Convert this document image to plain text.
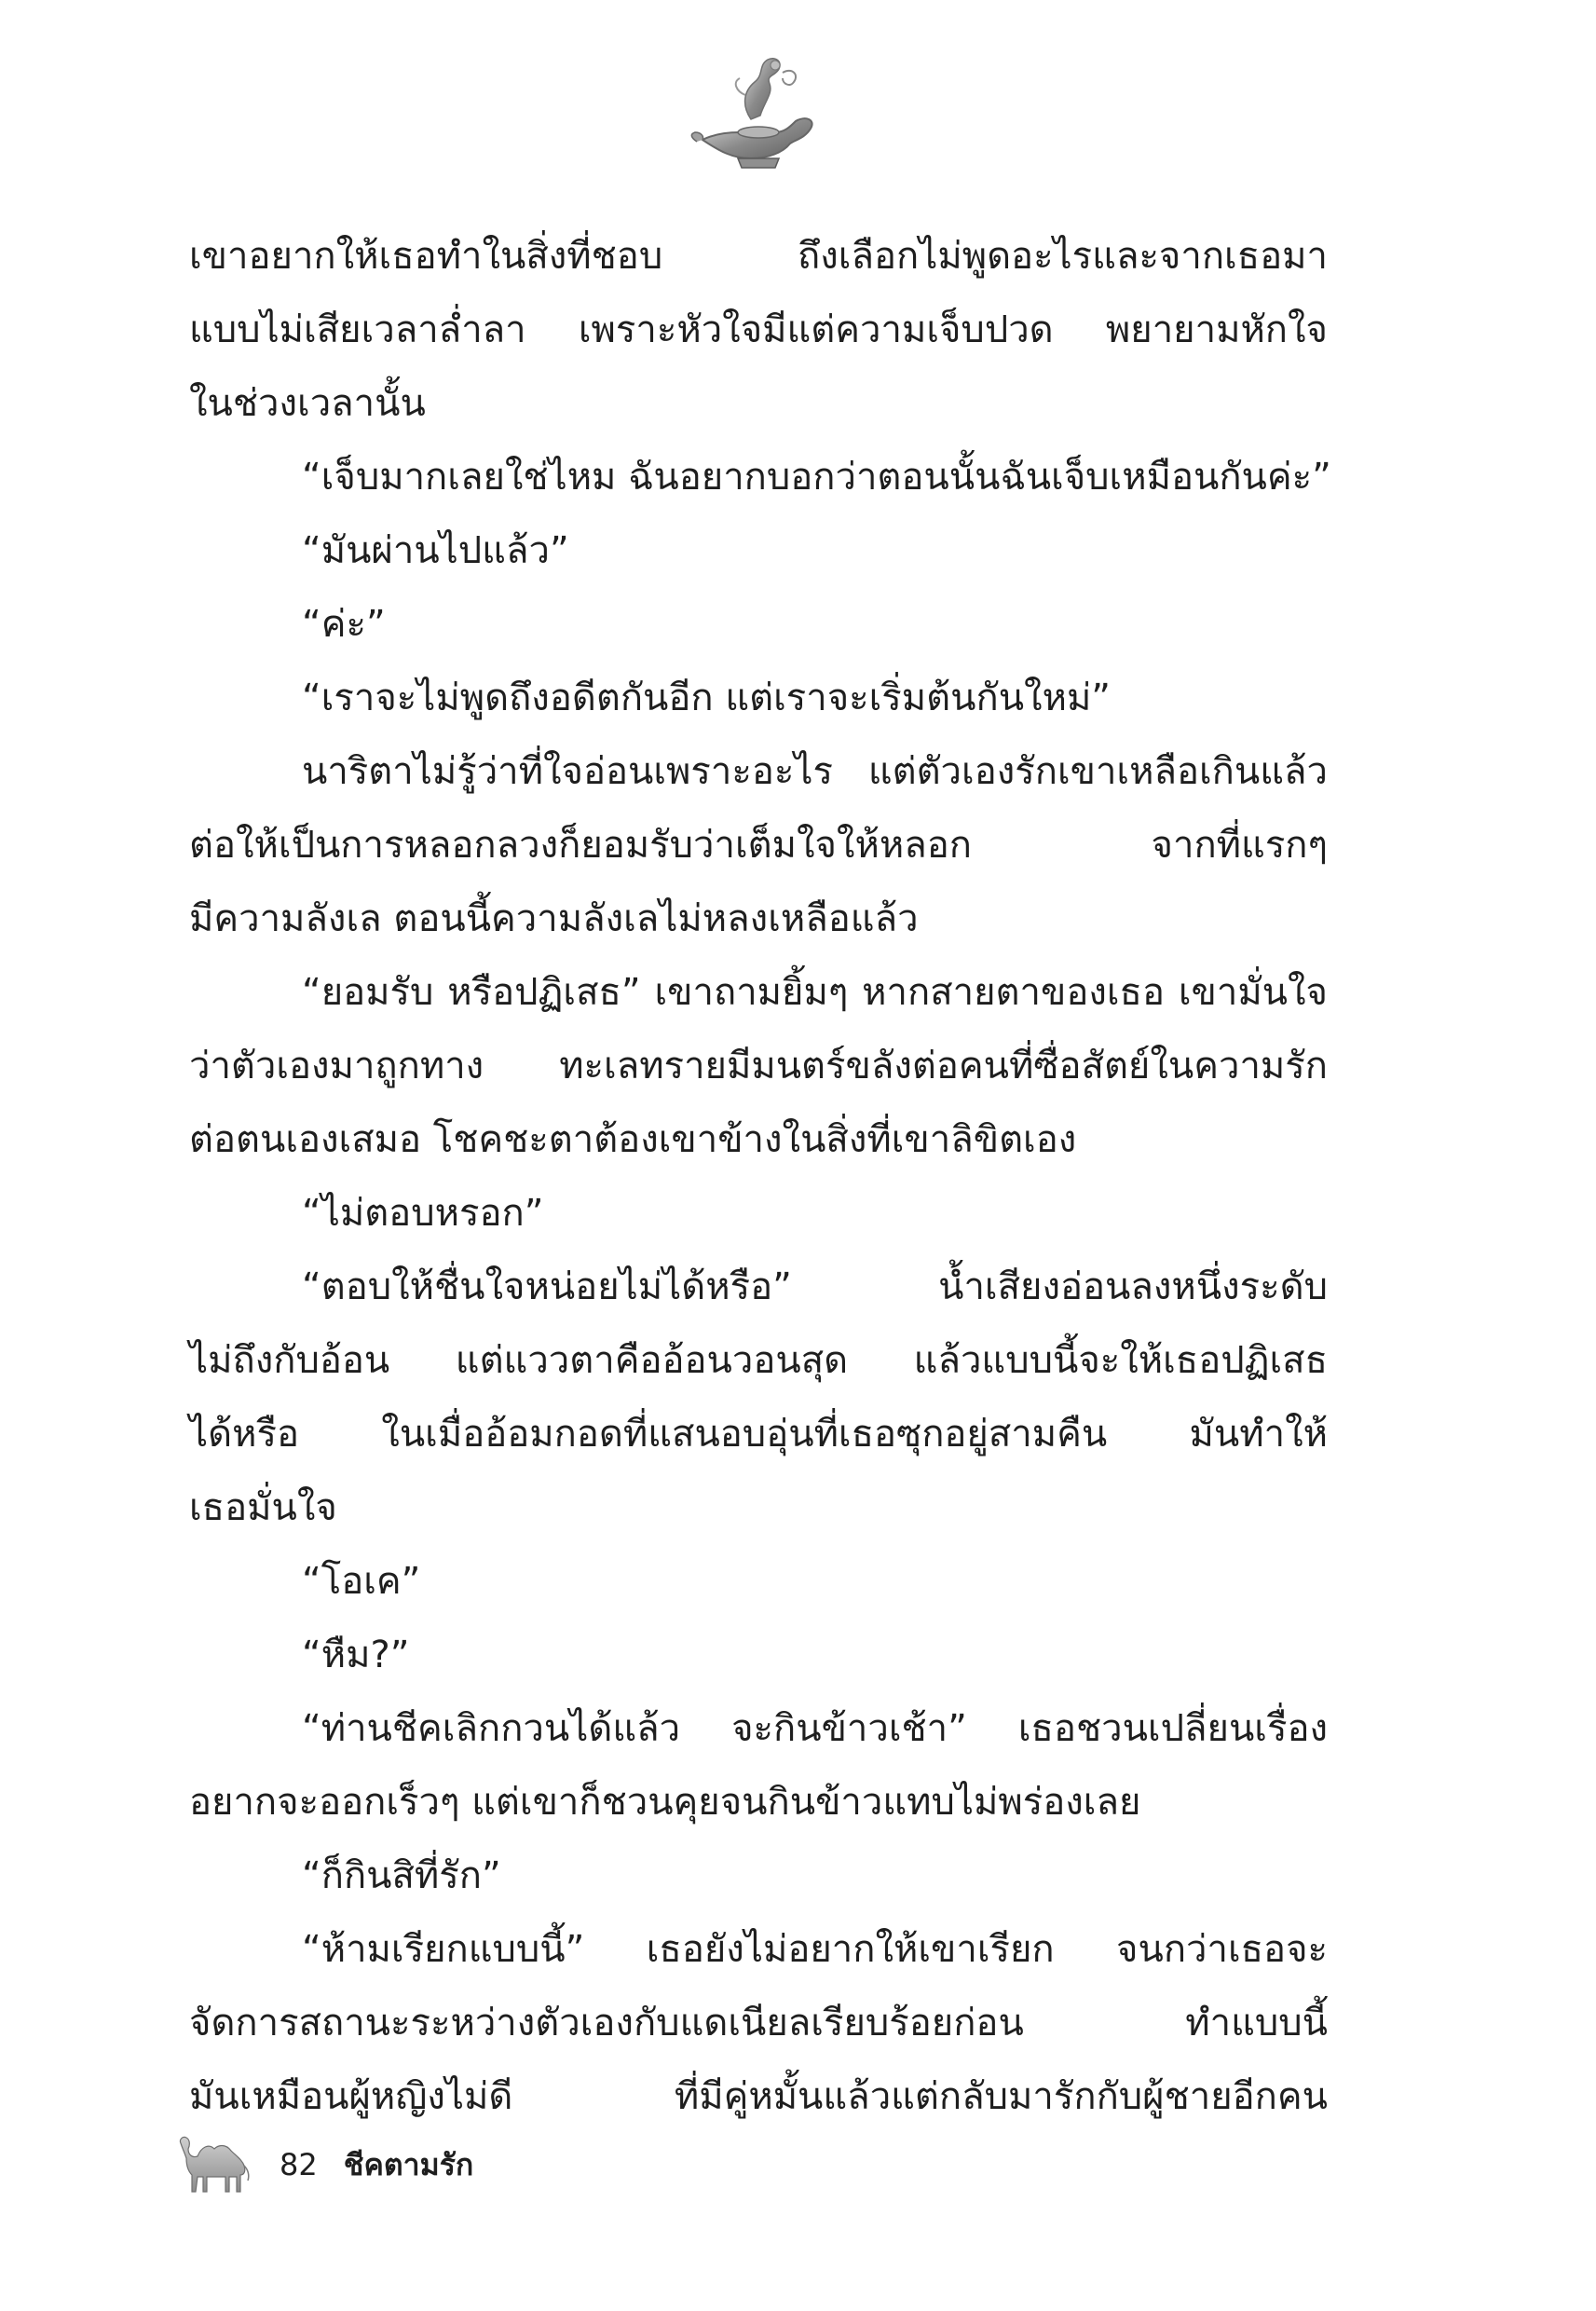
เขาอยากให้เธอทำในสิ่งที่ชอบ ถึงเลือกไม่พูดอะไรและจากเธอมา
แบบไม่เสียเวลาล่ำลา เพราะหัวใจมีแต่ความเจ็บปวด พยายามหักใจ
ในช่วงเวลานั้น
“เจ็บมากเลยใช่ไหม ฉันอยากบอกว่าตอนนั้นฉันเจ็บเหมือนกันค่ะ”
“มันผ่านไปแล้ว”
“ค่ะ”
“เราจะไม่พูดถึงอดีตกันอีก แต่เราจะเริ่มต้นกันใหม่”
นาริตาไม่รู้ว่าที่ใจอ่อนเพราะอะไร แต่ตัวเองรักเขาเหลือเกินแล้ว
ต่อให้เป็นการหลอกลวงก็ยอมรับว่าเต็มใจให้หลอก จากที่แรกๆ
มีความลังเล ตอนนี้ความลังเลไม่หลงเหลือแล้ว
“ยอมรับ หรือปฏิเสธ” เขาถามยิ้มๆ หากสายตาของเธอ เขามั่นใจ
ว่าตัวเองมาถูกทาง ทะเลทรายมีมนตร์ขลังต่อคนที่ซื่อสัตย์ในความรัก
ต่อตนเองเสมอ โชคชะตาต้องเขาข้างในสิ่งที่เขาลิขิตเอง
“ไม่ตอบหรอก”
“ตอบให้ชื่นใจหน่อยไม่ได้หรือ” น้ำเสียงอ่อนลงหนึ่งระดับ
ไม่ถึงกับอ้อน แต่แววตาคืออ้อนวอนสุด แล้วแบบนี้จะให้เธอปฏิเสธ
ได้หรือ ในเมื่ออ้อมกอดที่แสนอบอุ่นที่เธอซุกอยู่สามคืน มันทำให้
เธอมั่นใจ
“โอเค”
“หืม?”
“ท่านชีคเลิกกวนได้แล้ว จะกินข้าวเช้า” เธอชวนเปลี่ยนเรื่อง
อยากจะออกเร็วๆ แต่เขาก็ชวนคุยจนกินข้าวแทบไม่พร่องเลย
“ก็กินสิที่รัก”
“ห้ามเรียกแบบนี้” เธอยังไม่อยากให้เขาเรียก จนกว่าเธอจะ
จัดการสถานะระหว่างตัวเองกับแดเนียลเรียบร้อยก่อน ทำแบบนี้
มันเหมือนผู้หญิงไม่ดี ที่มีคู่หมั้นแล้วแต่กลับมารักกับผู้ชายอีกคน
82 ชีคตามรัก
